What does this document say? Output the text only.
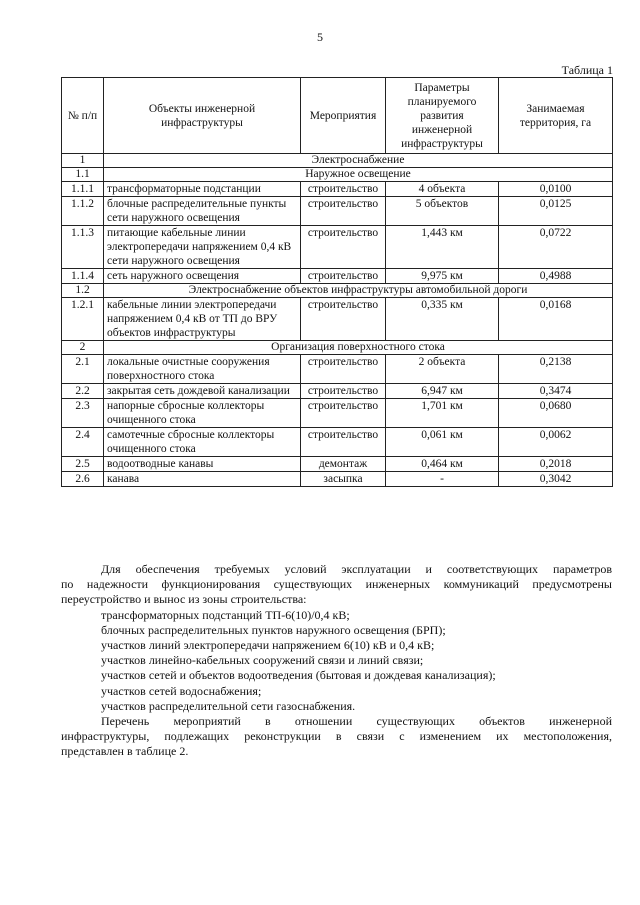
5
Таблица 1
№ п/п	Объекты инженерной инфраструктуры	Мероприятия	Параметры планируемого развития инженерной инфраструктуры	Занимаемая территория, га
1	Электроснабжение			
1.1	Наружное освещение			
1.1.1	трансформаторные подстанции	строительство	4 объекта	0,0100
1.1.2	блочные распределительные пункты сети наружного освещения	строительство	5 объектов	0,0125
1.1.3	питающие кабельные линии электропередачи напряжением 0,4 кВ сети наружного освещения	строительство	1,443 км	0,0722
1.1.4	сеть наружного освещения	строительство	9,975 км	0,4988
1.2	Электроснабжение объектов инфраструктуры автомобильной дороги			
1.2.1	кабельные линии электропередачи напряжением 0,4 кВ от ТП до ВРУ объектов инфраструктуры	строительство	0,335 км	0,0168
2	Организация поверхностного стока			
2.1	локальные очистные сооружения поверхностного стока	строительство	2 объекта	0,2138
2.2	закрытая сеть дождевой канализации	строительство	6,947 км	0,3474
2.3	напорные сбросные коллекторы очищенного стока	строительство	1,701 км	0,0680
2.4	самотечные сбросные коллекторы очищенного стока	строительство	0,061 км	0,0062
2.5	водоотводные канавы	демонтаж	0,464 км	0,2018
2.6	канава	засыпка	-	0,3042

Для обеспечения требуемых условий эксплуатации и соответствующих параметров

по надежности функционирования существующих инженерных коммуникаций предусмотрены

переустройство и вынос из зоны строительства:

трансформаторных подстанций ТП-6(10)/0,4 кВ;

блочных распределительных пунктов наружного освещения (БРП);

участков линий электропередачи напряжением 6(10) кВ и 0,4 кВ;

участков линейно-кабельных сооружений связи и линий связи;

участков сетей и объектов водоотведения (бытовая и дождевая канализация);

участков сетей водоснабжения;

участков распределительной сети газоснабжения.

Перечень мероприятий в отношении существующих объектов инженерной

инфраструктуры, подлежащих реконструкции в связи с изменением их местоположения,

представлен в таблице 2.
